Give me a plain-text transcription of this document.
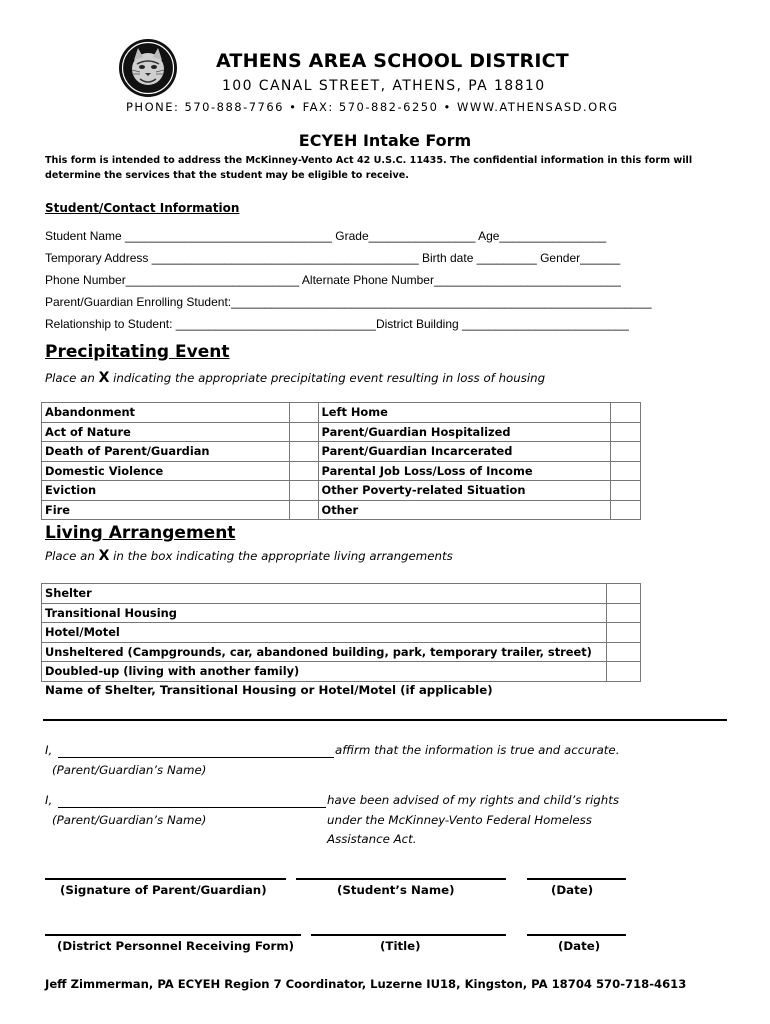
ATHENS AREA SCHOOL DISTRICT
100 CANAL STREET, ATHENS, PA 18810
PHONE: 570-888-7766 • FAX: 570-882-6250 • WWW.ATHENSASD.ORG
ECYEH Intake Form
This form is intended to address the McKinney-Vento Act 42 U.S.C. 11435. The confidential information in this form will determine the services that the student may be eligible to receive.
Student/Contact Information
Student Name _______________________________ Grade________________ Age________________
Temporary Address ________________________________________ Birth date _________ Gender______
Phone Number__________________________ Alternate Phone Number____________________________
Parent/Guardian Enrolling Student:_______________________________________________________________
Relationship to Student: ______________________________District Building _________________________
Precipitating Event
Place an X indicating the appropriate precipitating event resulting in loss of housing
Abandonment		Left Home	
Act of Nature		Parent/Guardian Hospitalized	
Death of Parent/Guardian		Parent/Guardian Incarcerated	
Domestic Violence		Parental Job Loss/Loss of Income	
Eviction		Other Poverty-related Situation	
Fire		Other	
Living Arrangement
Place an X in the box indicating the appropriate living arrangements
Shelter	
Transitional Housing	
Hotel/Motel	
Unsheltered (Campgrounds, car, abandoned building, park, temporary trailer, street)	
Doubled-up (living with another family)	
Name of Shelter, Transitional Housing or Hotel/Motel (if applicable)
I,	affirm that the information is true and accurate.
(Parent/Guardian’s Name)
I,	have been advised of my rights and child’s rights
under the McKinney-Vento Federal Homeless
Assistance Act.
(Parent/Guardian’s Name)
(Signature of Parent/Guardian)	(Student’s Name)	(Date)
(District Personnel Receiving Form)	(Title)	(Date)
Jeff Zimmerman, PA ECYEH Region 7 Coordinator, Luzerne IU18, Kingston, PA 18704 570-718-4613
